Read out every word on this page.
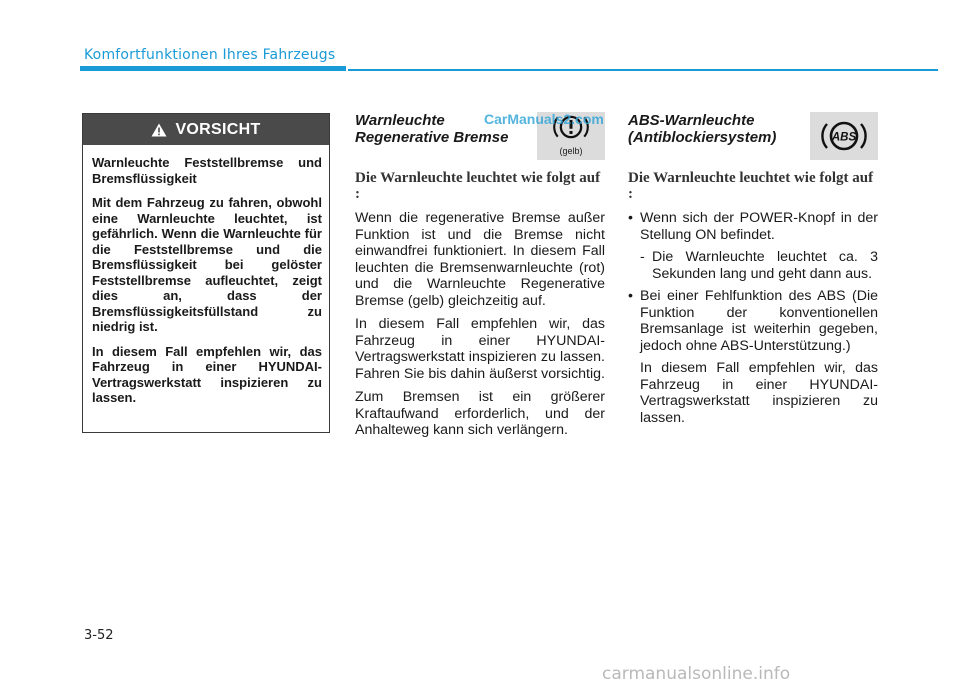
Komfortfunktionen Ihres Fahrzeugs
VORSICHT

Warnleuchte Feststellbremse und Bremsflüssigkeit

Mit dem Fahrzeug zu fahren, obwohl eine Warnleuchte leuchtet, ist gefährlich. Wenn die Warnleuchte für die Feststellbremse und die Bremsflüssigkeit bei gelöster Feststellbremse aufleuchtet, zeigt dies an, dass der Bremsflüssigkeitsfüllstand zu niedrig ist.

In diesem Fall empfehlen wir, das Fahrzeug in einer HYUNDAI-Vertragswerkstatt inspizieren zu lassen.

Warnleuchte
Regenerative Bremse
(gelb)
Die Warnleuchte leuchtet wie folgt auf :

Wenn die regenerative Bremse außer Funktion ist und die Bremse nicht einwandfrei funktioniert. In diesem Fall leuchten die Bremsenwarnleuchte (rot) und die Warnleuchte Regenerative Bremse (gelb) gleichzeitig auf.

In diesem Fall empfehlen wir, das Fahrzeug in einer HYUNDAI-Vertragswerkstatt inspizieren zu lassen. Fahren Sie bis dahin äußerst vorsichtig.

Zum Bremsen ist ein größerer Kraftaufwand erforderlich, und der Anhalteweg kann sich verlängern.

ABS-Warnleuchte
(Antiblockiersystem)	ABS
Die Warnleuchte leuchtet wie folgt auf :
• Wenn sich der POWER-Knopf in der Stellung ON befindet.
- Die Warnleuchte leuchtet ca. 3 Sekunden lang und geht dann aus.
• Bei einer Fehlfunktion des ABS (Die Funktion der konventionellen Bremsanlage ist weiterhin gegeben, jedoch ohne ABS-Unterstützung.)

In diesem Fall empfehlen wir, das Fahrzeug in einer HYUNDAI-Vertragswerkstatt inspizieren zu lassen.

CarManuals2.com
3-52
carmanualsonline.info
